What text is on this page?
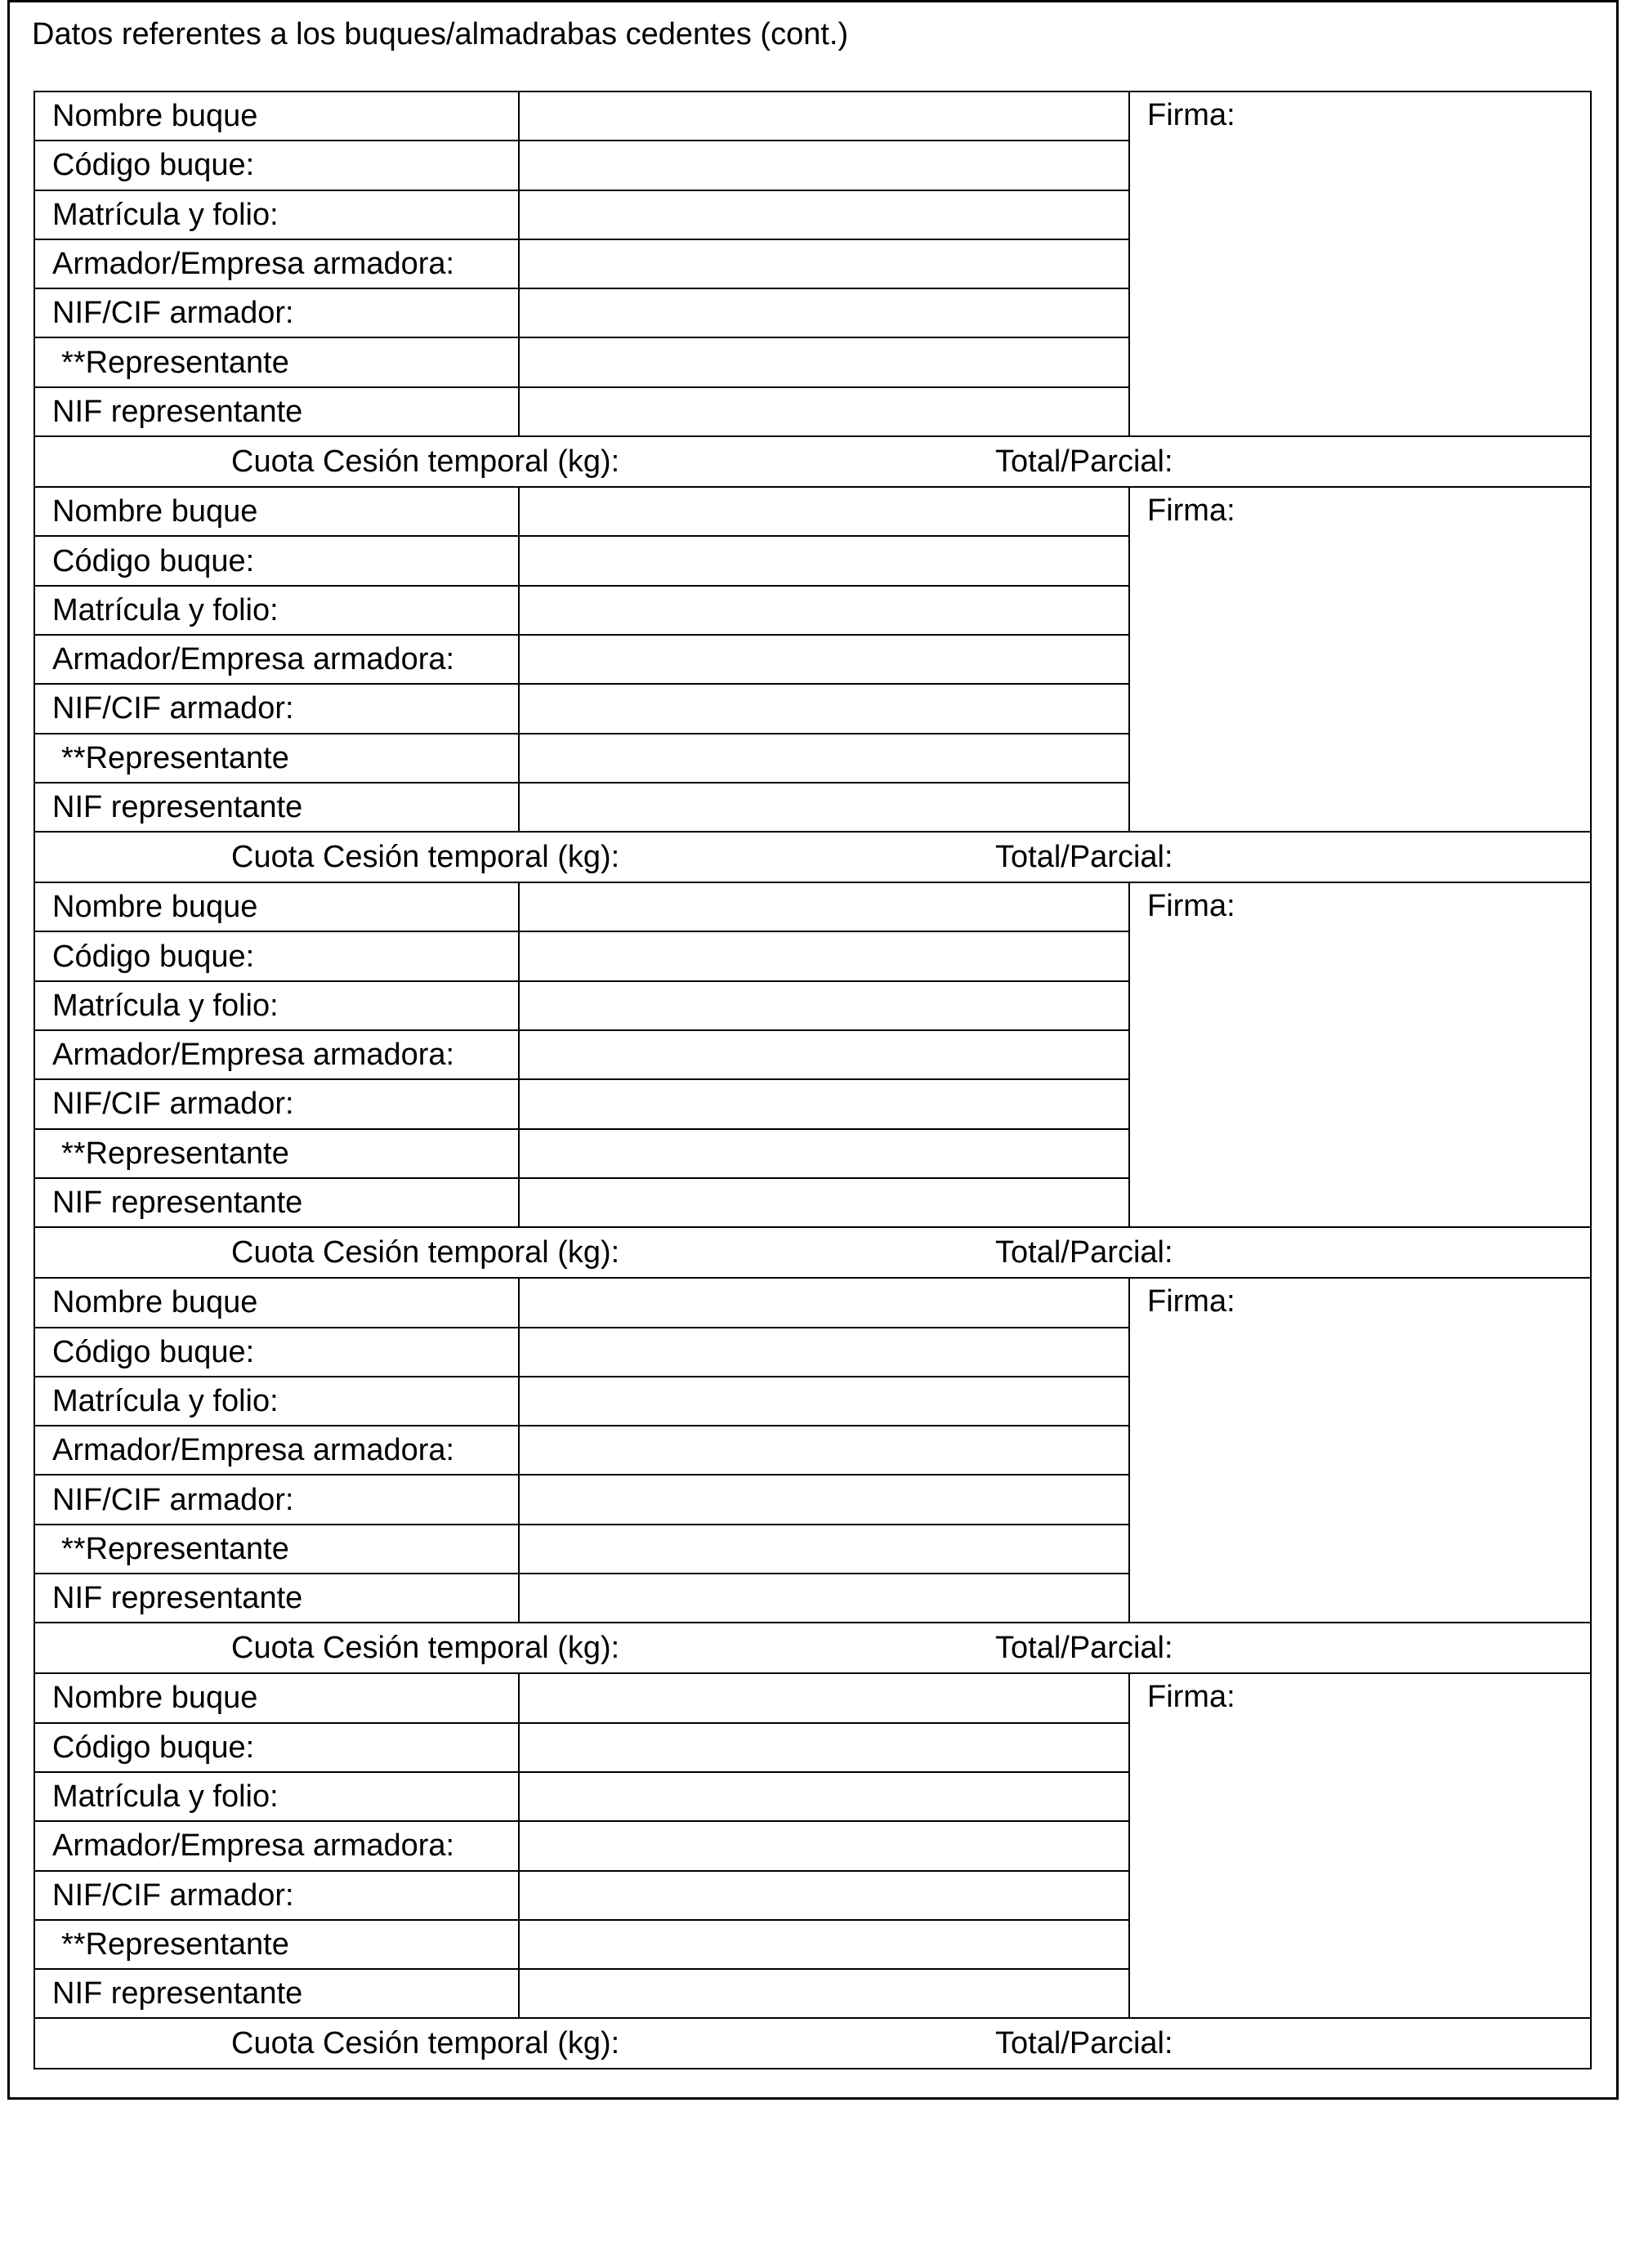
Datos referentes a los buques/almadrabas cedentes (cont.)
Nombre buque		Firma:
Código buque:		
Matrícula y folio:		
Armador/Empresa armadora:		
NIF/CIF armador:		
**Representante		
NIF representante		

Cuota Cesión temporal (kg): Total/Parcial:		

Nombre buque		Firma:
Código buque:		
Matrícula y folio:		
Armador/Empresa armadora:		
NIF/CIF armador:		
**Representante		
NIF representante		

Cuota Cesión temporal (kg): Total/Parcial:		

Nombre buque		Firma:
Código buque:		
Matrícula y folio:		
Armador/Empresa armadora:		
NIF/CIF armador:		
**Representante		
NIF representante		

Cuota Cesión temporal (kg): Total/Parcial:		

Nombre buque		Firma:
Código buque:		
Matrícula y folio:		
Armador/Empresa armadora:		
NIF/CIF armador:		
**Representante		
NIF representante		

Cuota Cesión temporal (kg): Total/Parcial:		

Nombre buque		Firma:
Código buque:		
Matrícula y folio:		
Armador/Empresa armadora:		
NIF/CIF armador:		
**Representante		
NIF representante		

Cuota Cesión temporal (kg): Total/Parcial:		
